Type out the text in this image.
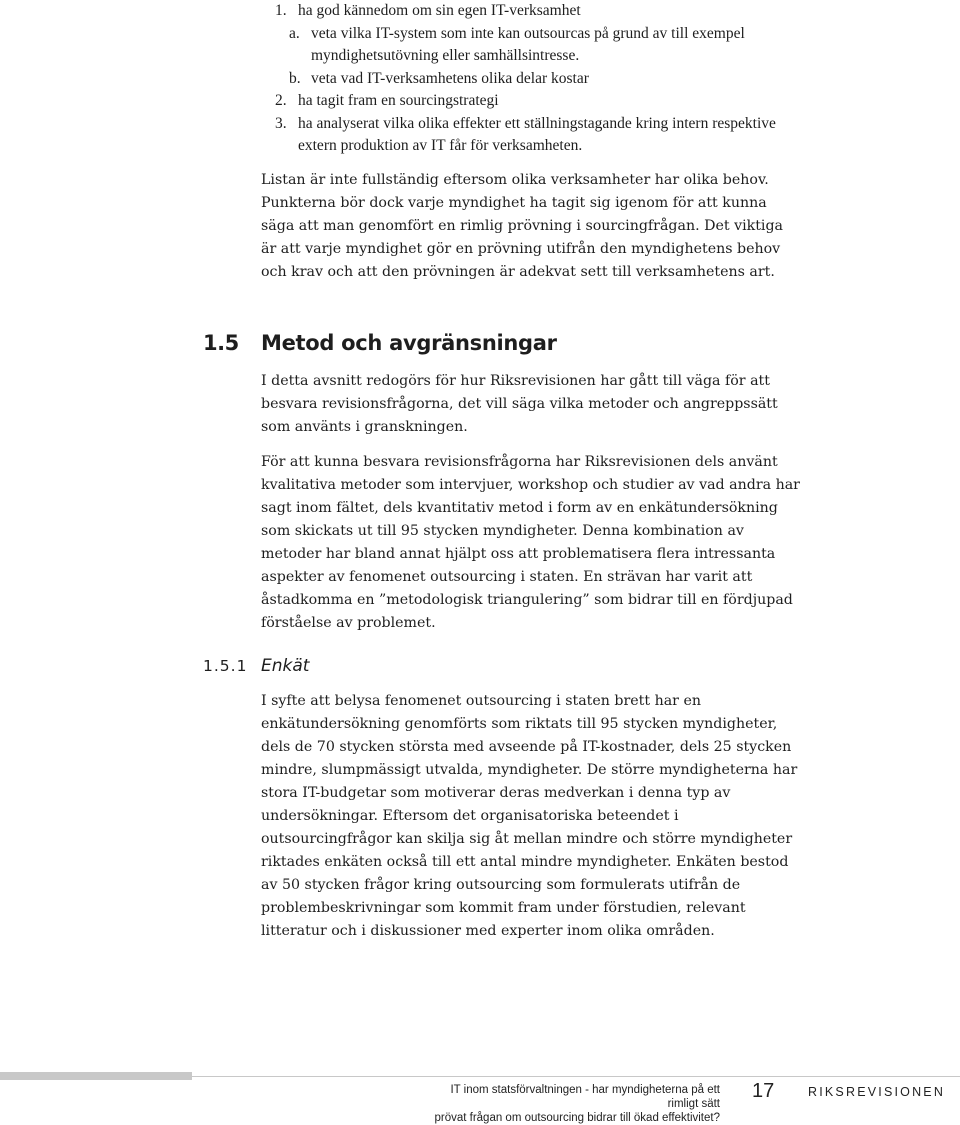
1. ha god kännedom om sin egen IT-verksamhet
a. veta vilka IT-system som inte kan outsourcas på grund av till exempel myndighetsutövning eller samhällsintresse.
b. veta vad IT-verksamhetens olika delar kostar
2. ha tagit fram en sourcingstrategi
3. ha analyserat vilka olika effekter ett ställningstagande kring intern respektive extern produktion av IT får för verksamheten.

Listan är inte fullständig eftersom olika verksamheter har olika behov. Punkterna bör dock varje myndighet ha tagit sig igenom för att kunna säga att man genomfört en rimlig prövning i sourcingfrågan. Det viktiga är att varje myndighet gör en prövning utifrån den myndighetens behov och krav och att den prövningen är adekvat sett till verksamhetens art.

1.5 Metod och avgränsningar

I detta avsnitt redogörs för hur Riksrevisionen har gått till väga för att besvara revisionsfrågorna, det vill säga vilka metoder och angreppssätt som använts i granskningen.

För att kunna besvara revisionsfrågorna har Riksrevisionen dels använt kvalitativa metoder som intervjuer, workshop och studier av vad andra har sagt inom fältet, dels kvantitativ metod i form av en enkätundersökning som skickats ut till 95 stycken myndigheter. Denna kombination av metoder har bland annat hjälpt oss att problematisera flera intressanta aspekter av fenomenet outsourcing i staten. En strävan har varit att åstadkomma en ”metodologisk triangulering” som bidrar till en fördjupad förståelse av problemet.

1.5.1 Enkät

I syfte att belysa fenomenet outsourcing i staten brett har en enkätundersökning genomförts som riktats till 95 stycken myndigheter, dels de 70 stycken största med avseende på IT-kostnader, dels 25 stycken mindre, slumpmässigt utvalda, myndigheter. De större myndigheterna har stora IT-budgetar som motiverar deras medverkan i denna typ av undersökningar. Eftersom det organisatoriska beteendet i outsourcingfrågor kan skilja sig åt mellan mindre och större myndigheter riktades enkäten också till ett antal mindre myndigheter. Enkäten bestod av 50 stycken frågor kring outsourcing som formulerats utifrån de problembeskrivningar som kommit fram under förstudien, relevant litteratur och i diskussioner med experter inom olika områden.

IT inom statsförvaltningen - har myndigheterna på ett rimligt sätt
prövat frågan om outsourcing bidrar till ökad effektivitet?
17	RIKSREVISIONEN
